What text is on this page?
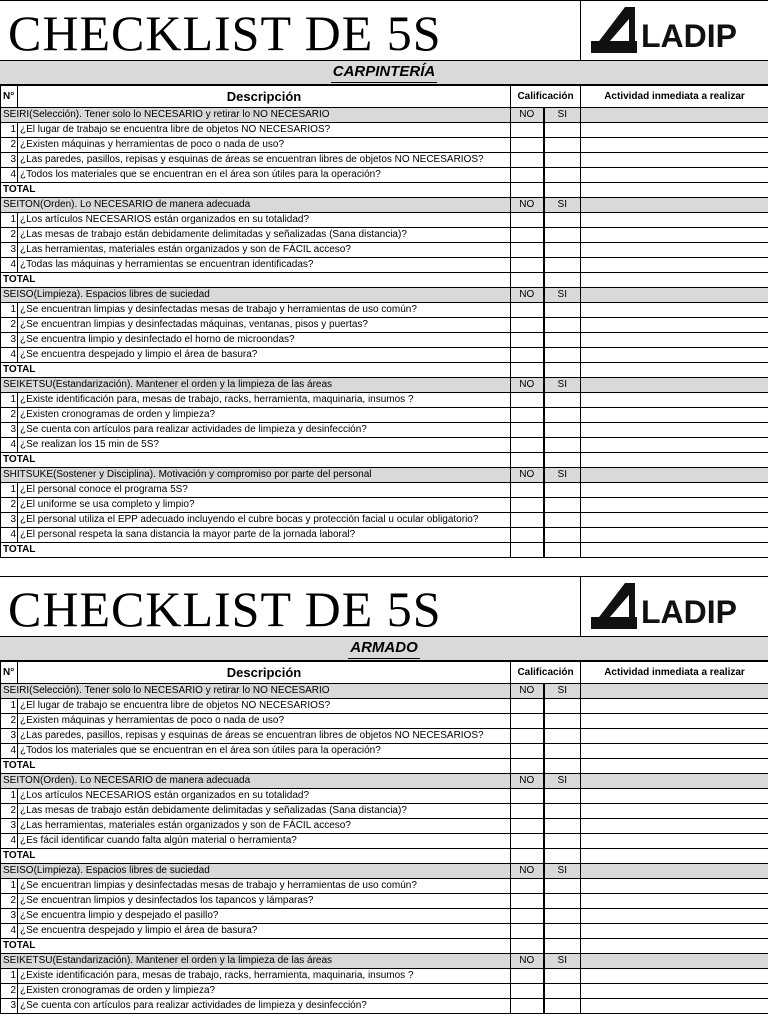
CHECKLIST DE 5S	LADIP
CARPINTERÍA
N°	Descripción	Calificación		Actividad inmediata a realizar
SEIRI(Selección). Tener solo lo NECESARIO y retirar lo NO NECESARIO		NO	SI	
1	¿El lugar de trabajo se encuentra libre de objetos NO NECESARIOS?			
2	¿Existen máquinas y herramientas de poco o nada de uso?			
3	¿Las paredes, pasillos, repisas y esquinas de áreas se encuentran libres de objetos NO NECESARIOS?			
4	¿Todos los materiales que se encuentran en el área son útiles para la operación?			
TOTAL				
SEITON(Orden). Lo NECESARIO de manera adecuada		NO	SI	
1	¿Los artículos NECESARIOS están organizados en su totalidad?			
2	¿Las mesas de trabajo están debidamente delimitadas y señalizadas (Sana distancia)?			
3	¿Las herramientas, materiales están organizados y son de FÁCIL acceso?			
4	¿Todas las máquinas y herramientas se encuentran identificadas?			
TOTAL				
SEISO(Limpieza). Espacios libres de suciedad		NO	SI	
1	¿Se encuentran limpias y desinfectadas mesas de trabajo y herramientas de uso común?			
2	¿Se encuentran limpias y desinfectadas máquinas, ventanas, pisos y puertas?			
3	¿Se encuentra limpio y desinfectado el horno de microondas?			
4	¿Se encuentra despejado y limpio el área de basura?			
TOTAL				
SEIKETSU(Estandarización). Mantener el orden y la limpieza de las áreas		NO	SI	
1	¿Existe identificación para, mesas de trabajo, racks, herramienta, maquinaria, insumos ?			
2	¿Existen cronogramas de orden y limpieza?			
3	¿Se cuenta con artículos para realizar actividades de limpieza y desinfección?			
4	¿Se realizan los 15 min de 5S?			
TOTAL				
SHITSUKE(Sostener y Disciplina). Motivación y compromiso por parte del personal		NO	SI	
1	¿El personal conoce el programa 5S?			
2	¿El uniforme se usa completo y limpio?			
3	¿El personal utiliza el EPP adecuado incluyendo el cubre bocas y protección facial u ocular obligatorio?			
4	¿El personal respeta la sana distancia la mayor parte de la jornada laboral?			
TOTAL				
CHECKLIST DE 5S	LADIP
ARMADO
N°	Descripción	Calificación		Actividad inmediata a realizar
SEIRI(Selección). Tener solo lo NECESARIO y retirar lo NO NECESARIO		NO	SI	
1	¿El lugar de trabajo se encuentra libre de objetos NO NECESARIOS?			
2	¿Existen máquinas y herramientas de poco o nada de uso?			
3	¿Las paredes, pasillos, repisas y esquinas de áreas se encuentran libres de objetos NO NECESARIOS?			
4	¿Todos los materiales que se encuentran en el área son útiles para la operación?			
TOTAL				
SEITON(Orden). Lo NECESARIO de manera adecuada		NO	SI	
1	¿Los artículos NECESARIOS están organizados en su totalidad?			
2	¿Las mesas de trabajo están debidamente delimitadas y señalizadas (Sana distancia)?			
3	¿Las herramientas, materiales están organizados y son de FÁCIL acceso?			
4	¿Es fácil identificar cuando falta algún material o herramienta?			
TOTAL				
SEISO(Limpieza). Espacios libres de suciedad		NO	SI	
1	¿Se encuentran limpias y desinfectadas mesas de trabajo y herramientas de uso común?			
2	¿Se encuentran limpios y desinfectados los tapancos y lámparas?			
3	¿Se encuentra limpio y despejado el pasillo?			
4	¿Se encuentra despejado y limpio el área de basura?			
TOTAL				
SEIKETSU(Estandarización). Mantener el orden y la limpieza de las áreas		NO	SI	
1	¿Existe identificación para, mesas de trabajo, racks, herramienta, maquinaria, insumos ?			
2	¿Existen cronogramas de orden y limpieza?			
3	¿Se cuenta con artículos para realizar actividades de limpieza y desinfección?			
